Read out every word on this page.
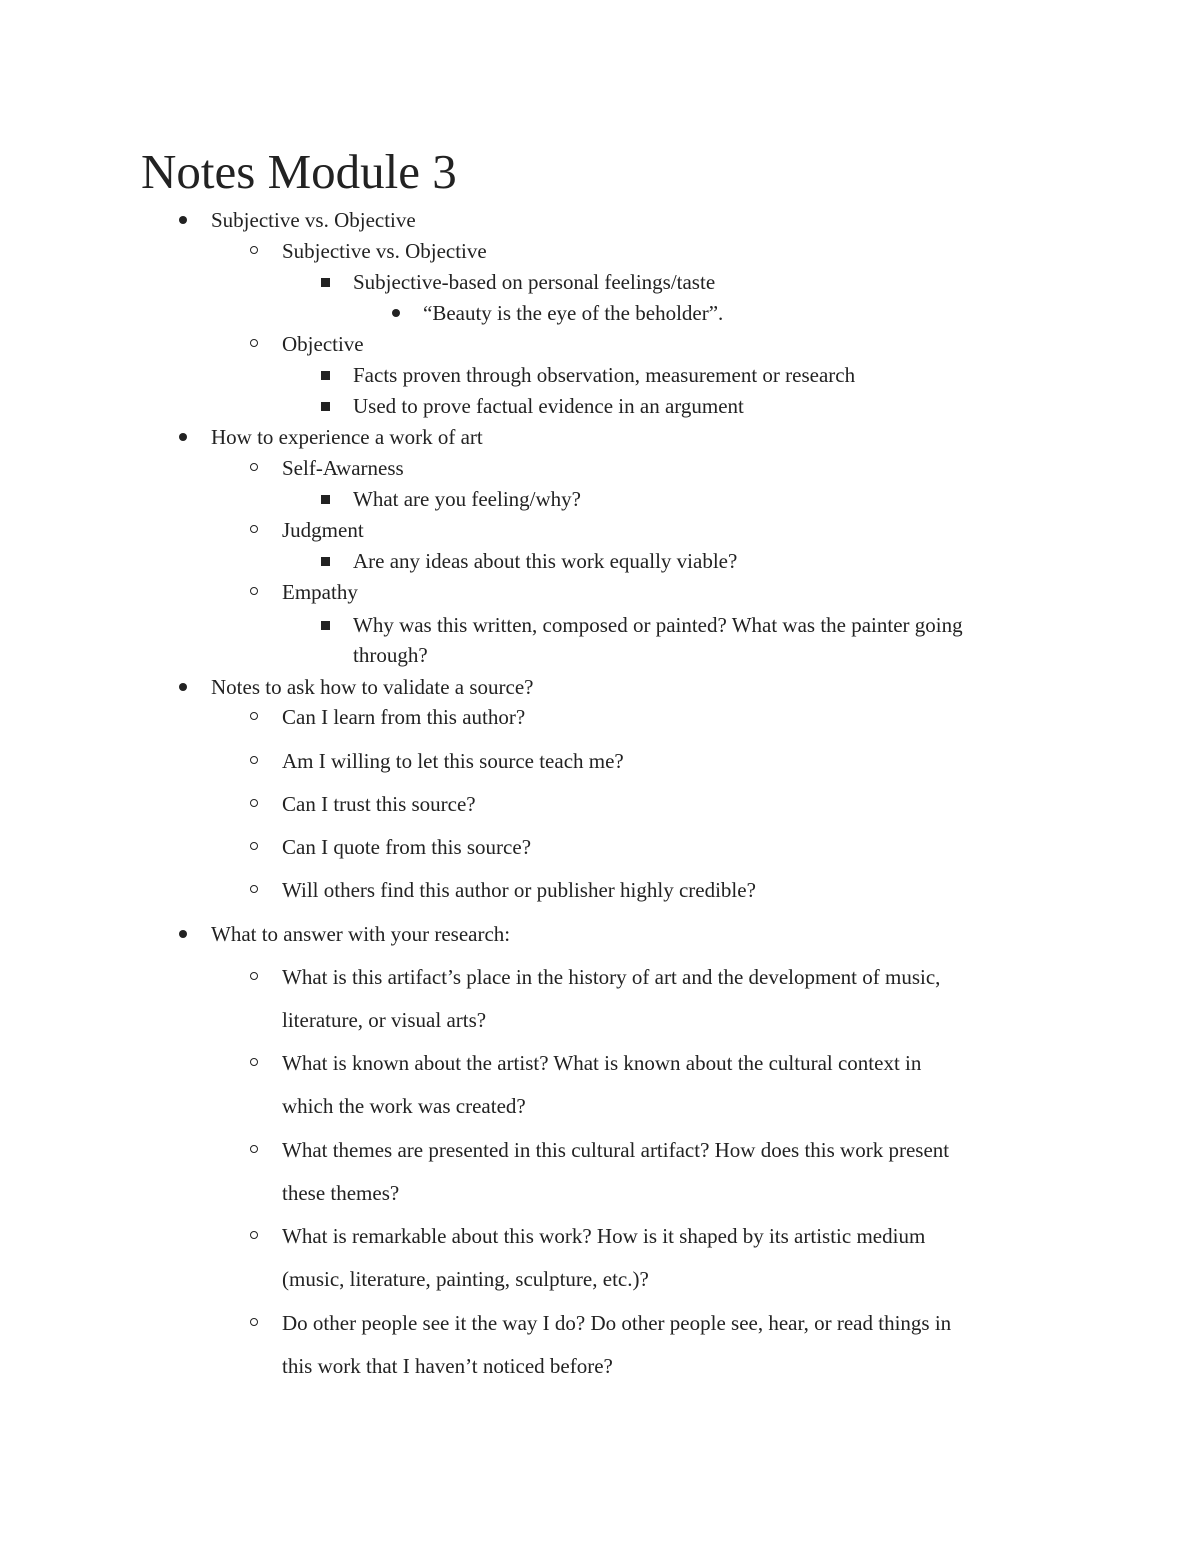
Notes Module 3
Subjective vs. Objective
Subjective vs. Objective
Subjective-based on personal feelings/taste
“Beauty is the eye of the beholder”.
Objective
Facts proven through observation, measurement or research
Used to prove factual evidence in an argument
How to experience a work of art
Self-Awarness
What are you feeling/why?
Judgment
Are any ideas about this work equally viable?
Empathy
Why was this written, composed or painted? What was the painter going
through?
Notes to ask how to validate a source?
Can I learn from this author?
Am I willing to let this source teach me?
Can I trust this source?
Can I quote from this source?
Will others find this author or publisher highly credible?
What to answer with your research:
What is this artifact’s place in the history of art and the development of music,
literature, or visual arts?
What is known about the artist? What is known about the cultural context in
which the work was created?
What themes are presented in this cultural artifact? How does this work present
these themes?
What is remarkable about this work? How is it shaped by its artistic medium
(music, literature, painting, sculpture, etc.)?
Do other people see it the way I do? Do other people see, hear, or read things in
this work that I haven’t noticed before?
